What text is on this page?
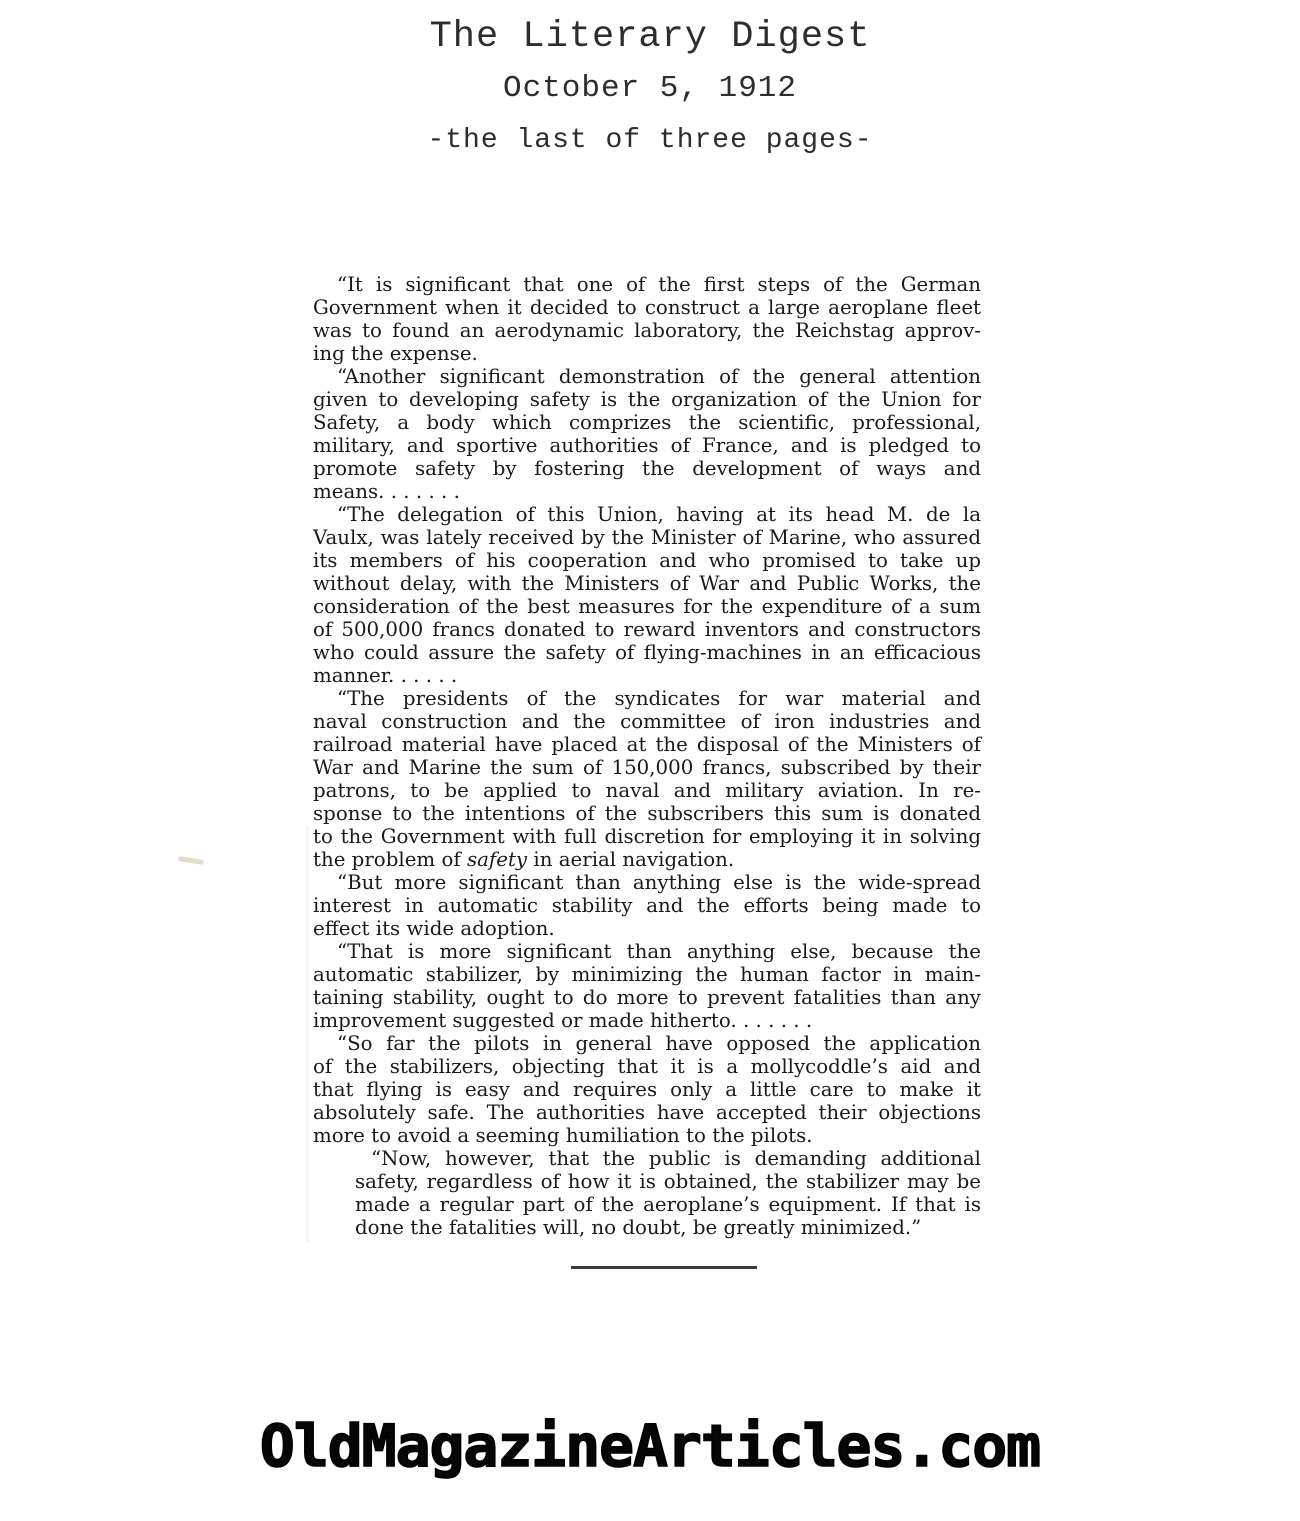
The Literary Digest
October 5, 1912
-the last of three pages-
“It is significant that one of the first steps of the German
Government when it decided to construct a large aeroplane fleet
was to found an aerodynamic laboratory, the Reichstag approv-
ing the expense.
“Another significant demonstration of the general attention
given to developing safety is the organization of the Union for
Safety, a body which comprizes the scientific, professional,
military, and sportive authorities of France, and is pledged to
promote safety by fostering the development of ways and
means. . . . . . .
“The delegation of this Union, having at its head M. de la
Vaulx, was lately received by the Minister of Marine, who assured
its members of his cooperation and who promised to take up
without delay, with the Ministers of War and Public Works, the
consideration of the best measures for the expenditure of a sum
of 500,000 francs donated to reward inventors and constructors
who could assure the safety of flying-machines in an efficacious
manner. . . . . .
“The presidents of the syndicates for war material and
naval construction and the committee of iron industries and
railroad material have placed at the disposal of the Ministers of
War and Marine the sum of 150,000 francs, subscribed by their
patrons, to be applied to naval and military aviation. In re-
sponse to the intentions of the subscribers this sum is donated
to the Government with full discretion for employing it in solving
the problem of safety in aerial navigation.
“But more significant than anything else is the wide-spread
interest in automatic stability and the efforts being made to
effect its wide adoption.
“That is more significant than anything else, because the
automatic stabilizer, by minimizing the human factor in main-
taining stability, ought to do more to prevent fatalities than any
improvement suggested or made hitherto. . . . . . .
“So far the pilots in general have opposed the application
of the stabilizers, objecting that it is a mollycoddle’s aid and
that flying is easy and requires only a little care to make it
absolutely safe. The authorities have accepted their objections
more to avoid a seeming humiliation to the pilots.
“Now, however, that the public is demanding additional
safety, regardless of how it is obtained, the stabilizer may be
made a regular part of the aeroplane’s equipment. If that is
done the fatalities will, no doubt, be greatly minimized.”
OldMagazineArticles.com
